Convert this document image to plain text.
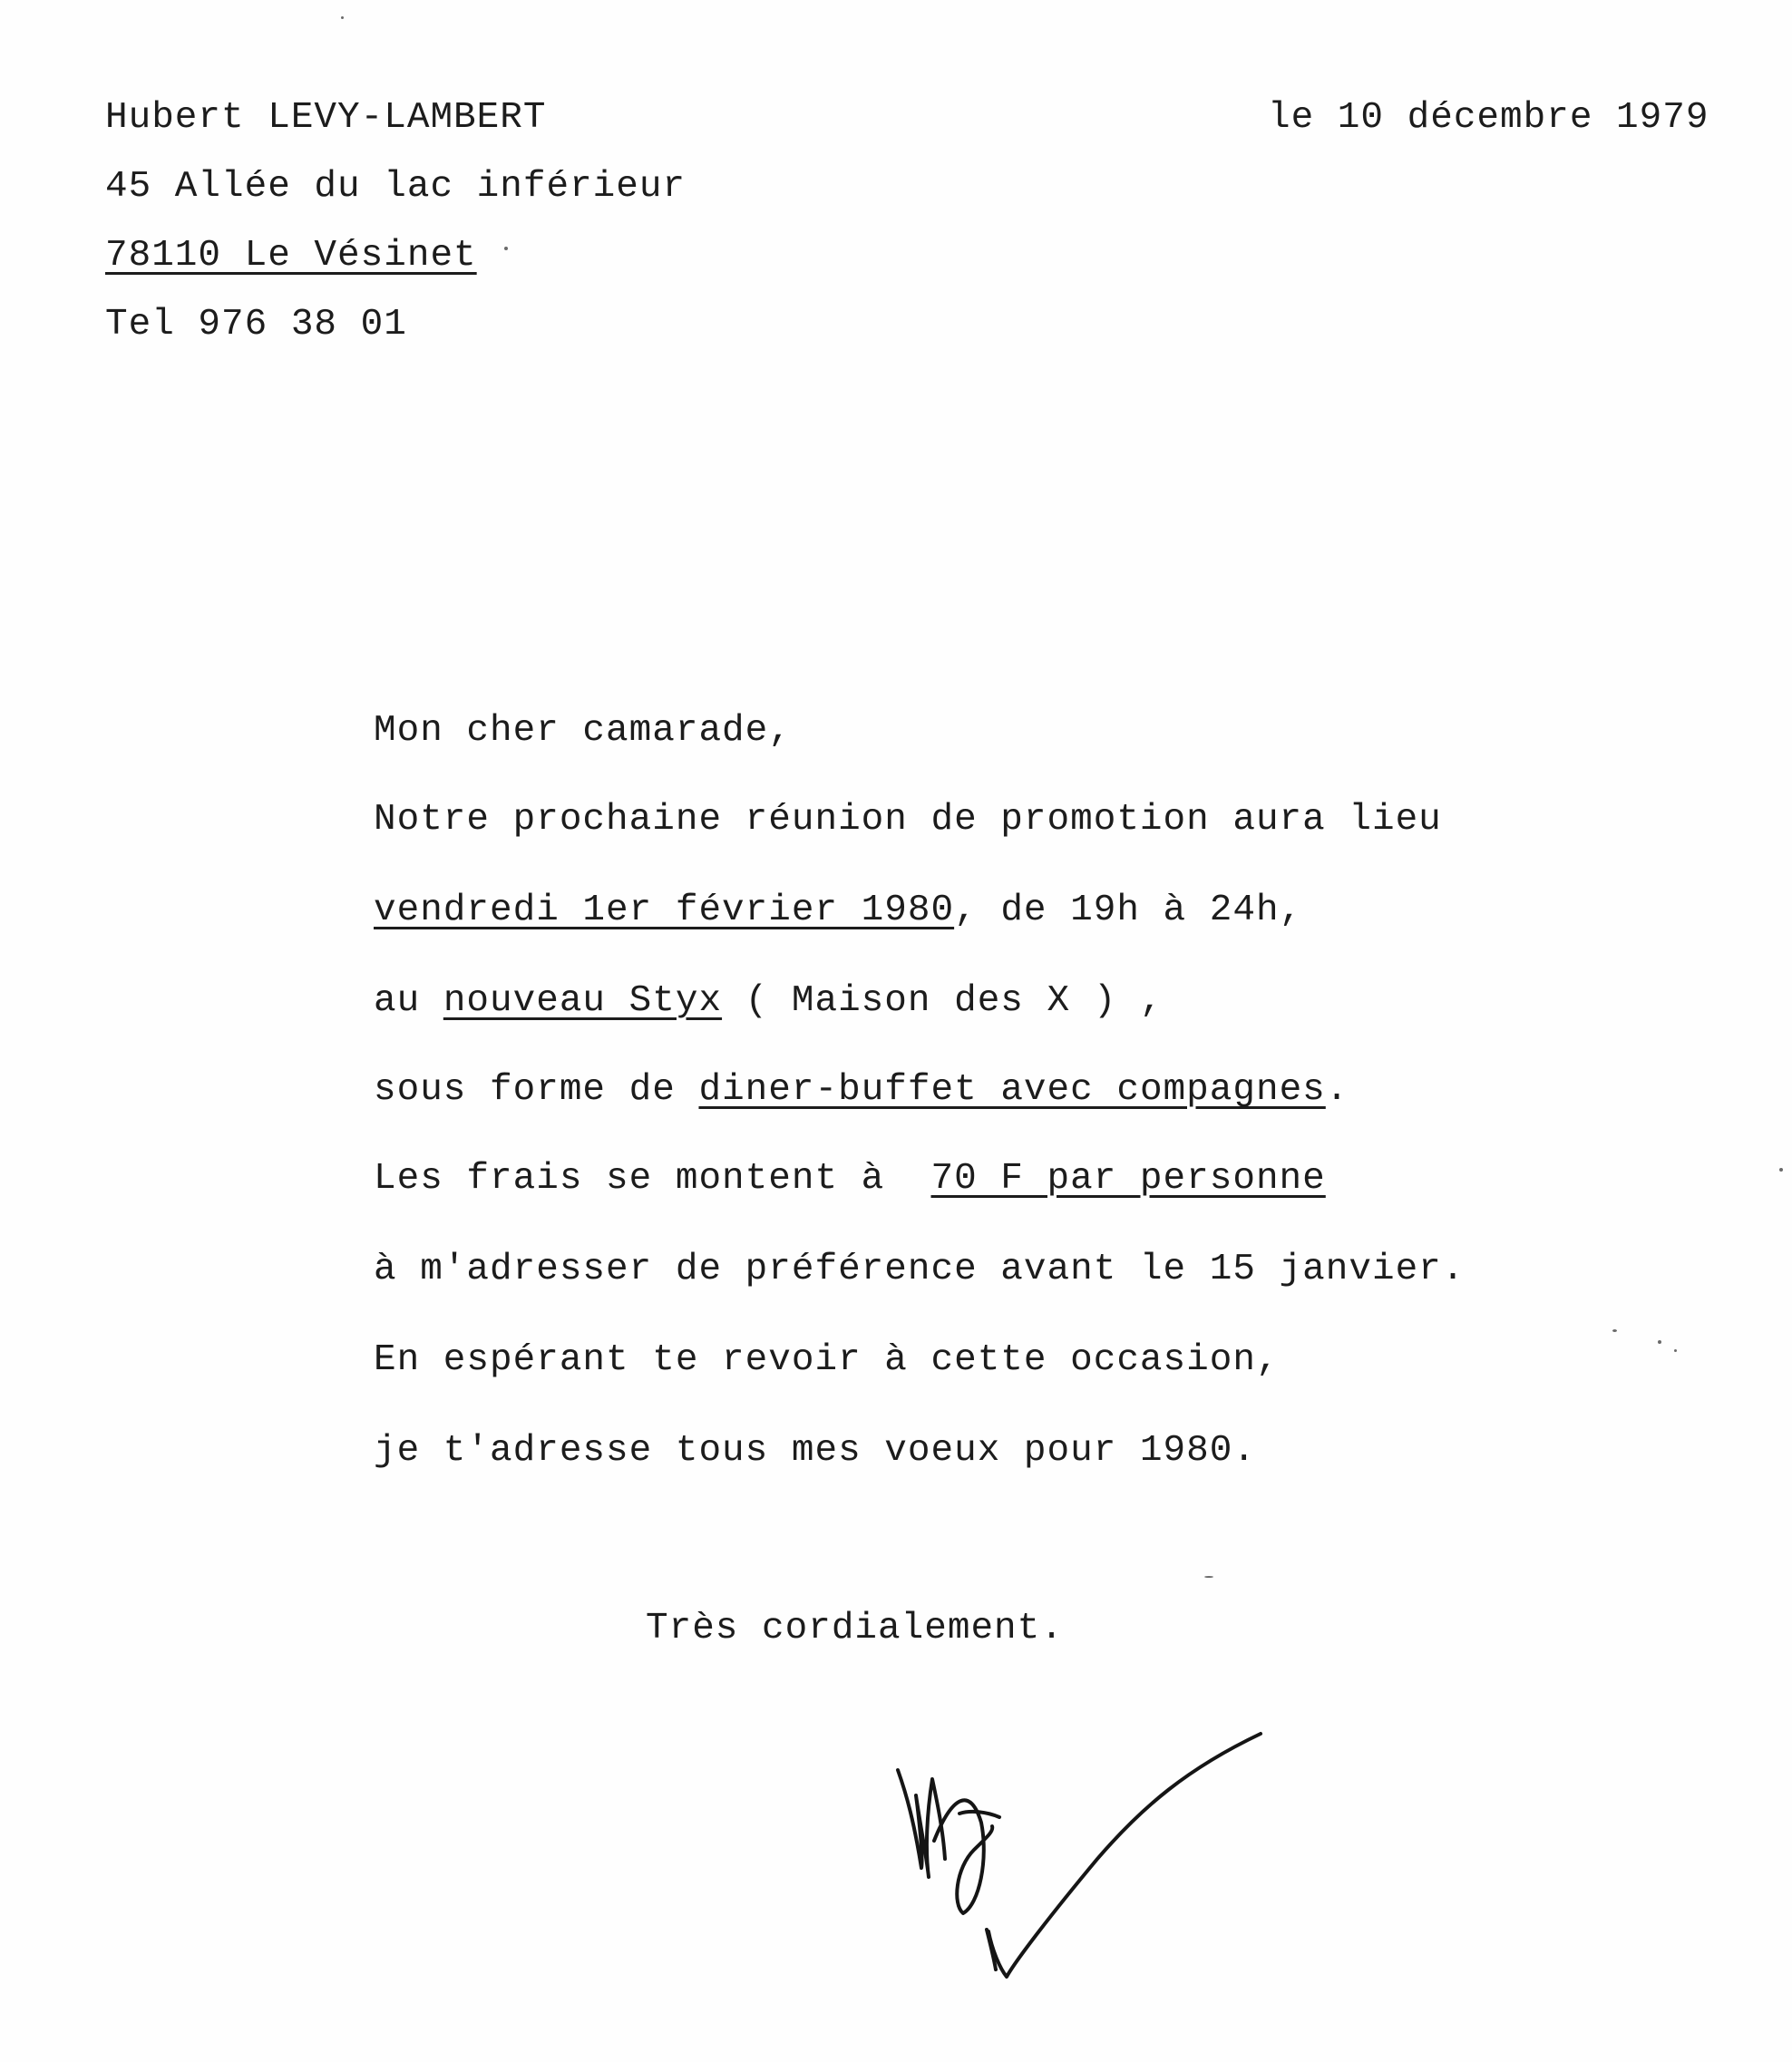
Hubert LEVY-LAMBERT
45 Allée du lac inférieur
78110 Le Vésinet
Tel 976 38 01
le 10 décembre 1979
Mon cher camarade,
Notre prochaine réunion de promotion aura lieu
vendredi 1er février 1980, de 19h à 24h,
au nouveau Styx ( Maison des X ) ,
sous forme de diner-buffet avec compagnes.
Les frais se montent à  70 F par personne
à m'adresser de préférence avant le 15 janvier.
En espérant te revoir à cette occasion,
je t'adresse tous mes voeux pour 1980.
Très cordialement.
